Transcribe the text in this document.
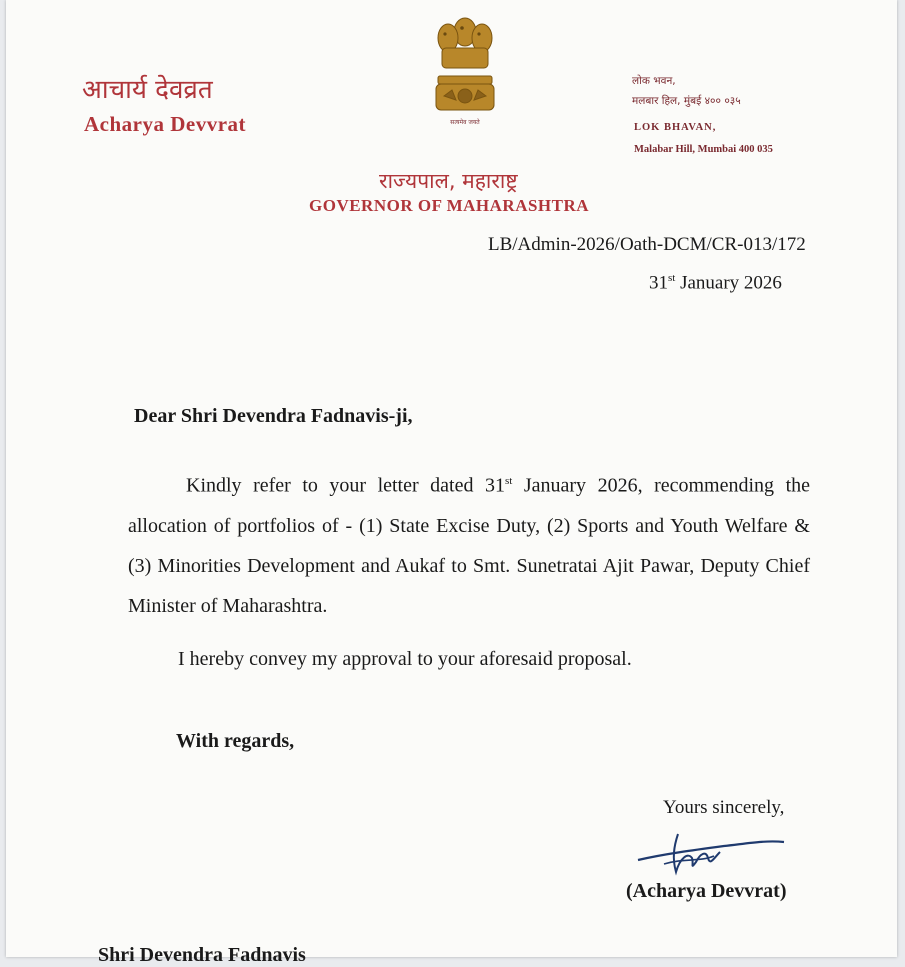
आचार्य देवव्रत
Acharya Devvrat	सत्यमेव जयते
लोक भवन,
मलबार हिल, मुंबई ४०० ०३५
LOK BHAVAN,
Malabar Hill, Mumbai 400 035
राज्यपाल, महाराष्ट्र
GOVERNOR OF MAHARASHTRA
LB/Admin-2026/Oath-DCM/CR-013/172
31st January 2026
Dear Shri Devendra Fadnavis-ji,
Kindly refer to your letter dated 31st January 2026, recommending the allocation of portfolios of - (1) State Excise Duty, (2) Sports and Youth Welfare & (3) Minorities Development and Aukaf to Smt. Sunetratai Ajit Pawar, Deputy Chief Minister of Maharashtra.
I hereby convey my approval to your aforesaid proposal.
With regards,
Yours sincerely,
(Acharya Devvrat)
Shri Devendra Fadnavis
